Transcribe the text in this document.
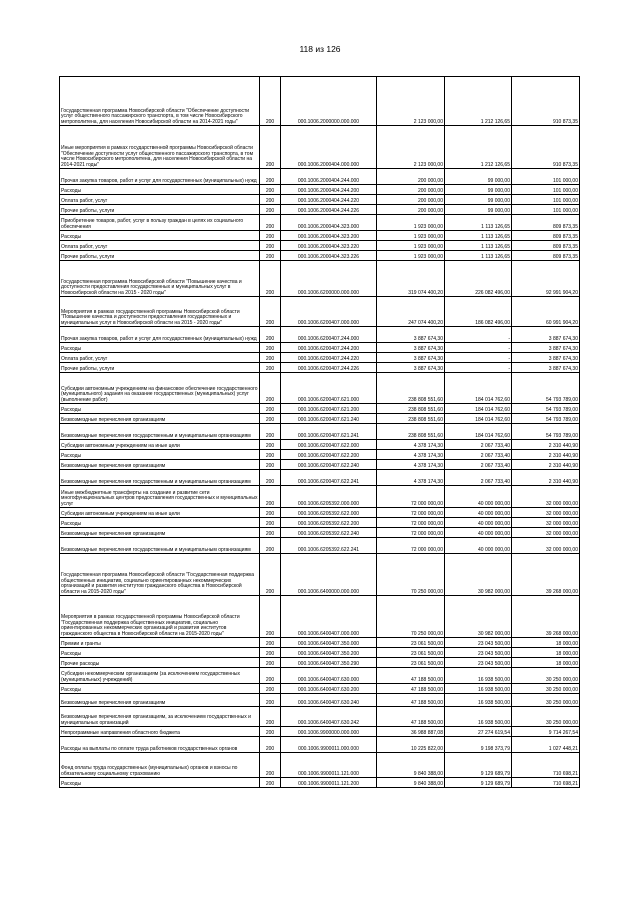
118 из 126
Государственная программа Новосибирской области "Обеспечение доступности услуг общественного пассажирского транспорта, в том числе Новосибирского метрополитена, для населения Новосибирской области на 2014-2021 годы"	200	000.1006.2000000.000.000	2 123 000,00	1 212 126,65	910 873,35
Иные мероприятия в рамках государственной программы Новосибирской области "Обеспечение доступности услуг общественного пассажирского транспорта, в том числе Новосибирского метрополитена, для населения Новосибирской области на 2014-2021 годы"	200	000.1006.2000404.000.000	2 123 000,00	1 212 126,65	910 873,35
Прочая закупка товаров, работ и услуг для государственных (муниципальных) нужд	200	000.1006.2000404.244.000	200 000,00	99 000,00	101 000,00
Расходы	200	000.1006.2000404.244.200	200 000,00	99 000,00	101 000,00
Оплата работ, услуг	200	000.1006.2000404.244.220	200 000,00	99 000,00	101 000,00
Прочие работы, услуги	200	000.1006.2000404.244.226	200 000,00	99 000,00	101 000,00
Приобретение товаров, работ, услуг в пользу граждан в целях их социального обеспечения	200	000.1006.2000404.323.000	1 923 000,00	1 113 126,65	809 873,35
Расходы	200	000.1006.2000404.323.200	1 923 000,00	1 113 126,65	809 873,35
Оплата работ, услуг	200	000.1006.2000404.323.220	1 923 000,00	1 113 126,65	809 873,35
Прочие работы, услуги	200	000.1006.2000404.323.226	1 923 000,00	1 113 126,65	809 873,35
Государственная программа Новосибирской области "Повышение качества и доступности предоставления государственных и муниципальных услуг в Новосибирской области на 2015 - 2020 годы"	200	000.1006.6200000.000.000	319 074 400,20	226 082 496,00	92 991 904,20
Мероприятия в рамках государственной программы Новосибирской области "Повышение качества и доступности предоставления государственных и муниципальных услуг в Новосибирской области на 2015 - 2020 годы"	200	000.1006.6200407.000.000	247 074 400,20	186 082 496,00	60 991 904,20
Прочая закупка товаров, работ и услуг для государственных (муниципальных) нужд	200	000.1006.6200407.244.000	3 887 674,30	-	3 887 674,30
Расходы	200	000.1006.6200407.244.200	3 887 674,30	-	3 887 674,30
Оплата работ, услуг	200	000.1006.6200407.244.220	3 887 674,30	-	3 887 674,30
Прочие работы, услуги	200	000.1006.6200407.244.226	3 887 674,30	-	3 887 674,30
Субсидии автономным учреждениям на финансовое обеспечение государственного (муниципального) задания на оказание государственных (муниципальных) услуг (выполнение работ)	200	000.1006.6200407.621.000	238 808 551,60	184 014 762,60	54 793 789,00
Расходы	200	000.1006.6200407.621.200	238 808 551,60	184 014 762,60	54 793 789,00
Безвозмездные перечисления организациям	200	000.1006.6200407.621.240	238 808 551,60	184 014 762,60	54 793 789,00
Безвозмездные перечисления государственным и муниципальным организациям	200	000.1006.6200407.621.241	238 808 551,60	184 014 762,60	54 793 789,00
Субсидии автономным учреждениям на иные цели	200	000.1006.6200407.622.000	4 378 174,30	2 067 733,40	2 310 440,90
Расходы	200	000.1006.6200407.622.200	4 378 174,30	2 067 733,40	2 310 440,90
Безвозмездные перечисления организациям	200	000.1006.6200407.622.240	4 378 174,30	2 067 733,40	2 310 440,90
Безвозмездные перечисления государственным и муниципальным организациям	200	000.1006.6200407.622.241	4 378 174,30	2 067 733,40	2 310 440,90
Иные межбюджетные трансферты на создание и развитие сети многофункциональных центров предоставления государственных и муниципальных услуг	200	000.1006.6205392.000.000	72 000 000,00	40 000 000,00	32 000 000,00
Субсидии автономным учреждениям на иные цели	200	000.1006.6205392.622.000	72 000 000,00	40 000 000,00	32 000 000,00
Расходы	200	000.1006.6205392.622.200	72 000 000,00	40 000 000,00	32 000 000,00
Безвозмездные перечисления организациям	200	000.1006.6205392.622.240	72 000 000,00	40 000 000,00	32 000 000,00
Безвозмездные перечисления государственным и муниципальным организациям	200	000.1006.6205392.622.241	72 000 000,00	40 000 000,00	32 000 000,00
Государственная программа Новосибирской области "Государственная поддержка общественных инициатив, социально ориентированных некоммерческих организаций и развития институтов гражданского общества в Новосибирской области на 2015-2020 годы"	200	000.1006.6400000.000.000	70 250 000,00	30 982 000,00	39 268 000,00
Мероприятия в рамках государственной программы Новосибирской области "Государственная поддержка общественных инициатив, социально ориентированных некоммерческих организаций и развития институтов гражданского общества в Новосибирской области на 2015-2020 годы"	200	000.1006.6400407.000.000	70 250 000,00	30 982 000,00	39 268 000,00
Премии и гранты	200	000.1006.6400407.350.000	23 061 500,00	23 043 500,00	18 000,00
Расходы	200	000.1006.6400407.350.200	23 061 500,00	23 043 500,00	18 000,00
Прочие расходы	200	000.1006.6400407.350.290	23 061 500,00	23 043 500,00	18 000,00
Субсидии некоммерческим организациям (за исключением государственных (муниципальных) учреждений)	200	000.1006.6400407.630.000	47 188 500,00	16 938 500,00	30 250 000,00
Расходы	200	000.1006.6400407.630.200	47 188 500,00	16 938 500,00	30 250 000,00
Безвозмездные перечисления организациям	200	000.1006.6400407.630.240	47 188 500,00	16 938 500,00	30 250 000,00
Безвозмездные перечисления организациям, за исключением государственных и муниципальных организаций	200	000.1006.6400407.630.242	47 188 500,00	16 938 500,00	30 250 000,00
Непрограммные направления областного бюджета	200	000.1006.9900000.000.000	36 988 887,08	27 274 619,54	9 714 267,54
Расходы на выплаты по оплате труда работников государственных органов	200	000.1006.9900011.000.000	10 225 822,00	9 198 373,79	1 027 448,21
Фонд оплаты труда государственных (муниципальных) органов и взносы по обязательному социальному страхованию	200	000.1006.9900011.121.000	9 840 388,00	9 129 689,79	710 698,21
Расходы	200	000.1006.9900011.121.200	9 840 388,00	9 129 689,79	710 698,21
